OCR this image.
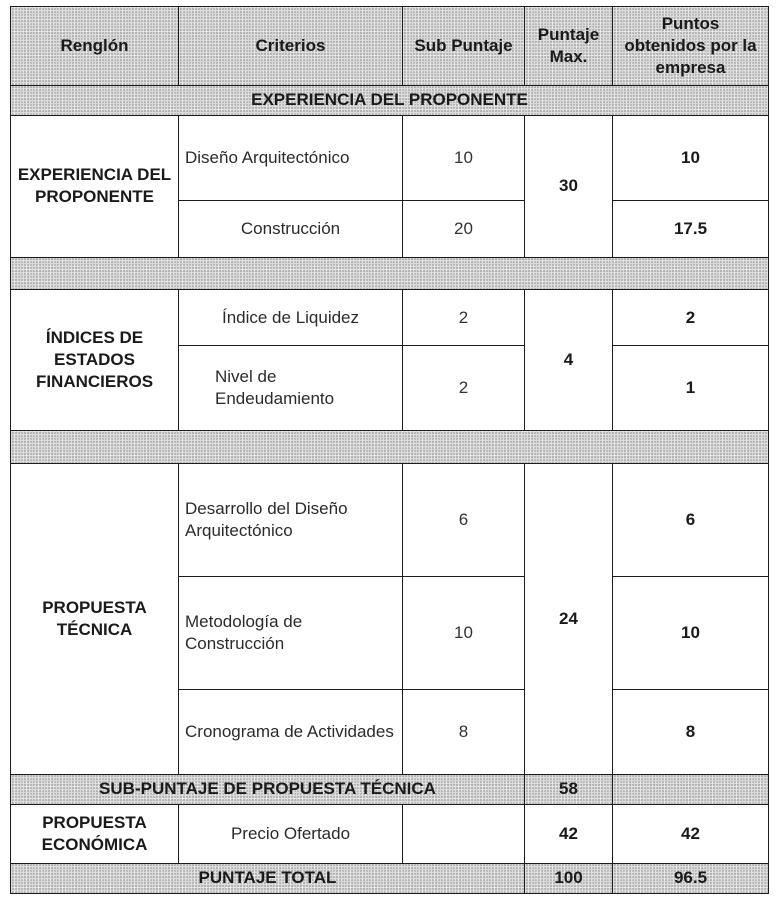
Renglón	Criterios	Sub Puntaje	Puntaje Max.	Puntos obtenidos por la empresa
EXPERIENCIA DEL PROPONENTE				
EXPERIENCIA DEL PROPONENTE	Diseño Arquitectónico	10	30	10
	Construcción	20		17.5

ÍNDICES DE ESTADOS FINANCIEROS	Índice de Liquidez	2	4	2
	Nivel de Endeudamiento	2		1

PROPUESTA TÉCNICA	Desarrollo del Diseño Arquitectónico	6	24	6
	Metodología de Construcción	10		10
	Cronograma de Actividades	8		8
SUB-PUNTAJE DE PROPUESTA TÉCNICA			58	
PROPUESTA ECONÓMICA	Precio Ofertado		42	42
PUNTAJE TOTAL			100	96.5
